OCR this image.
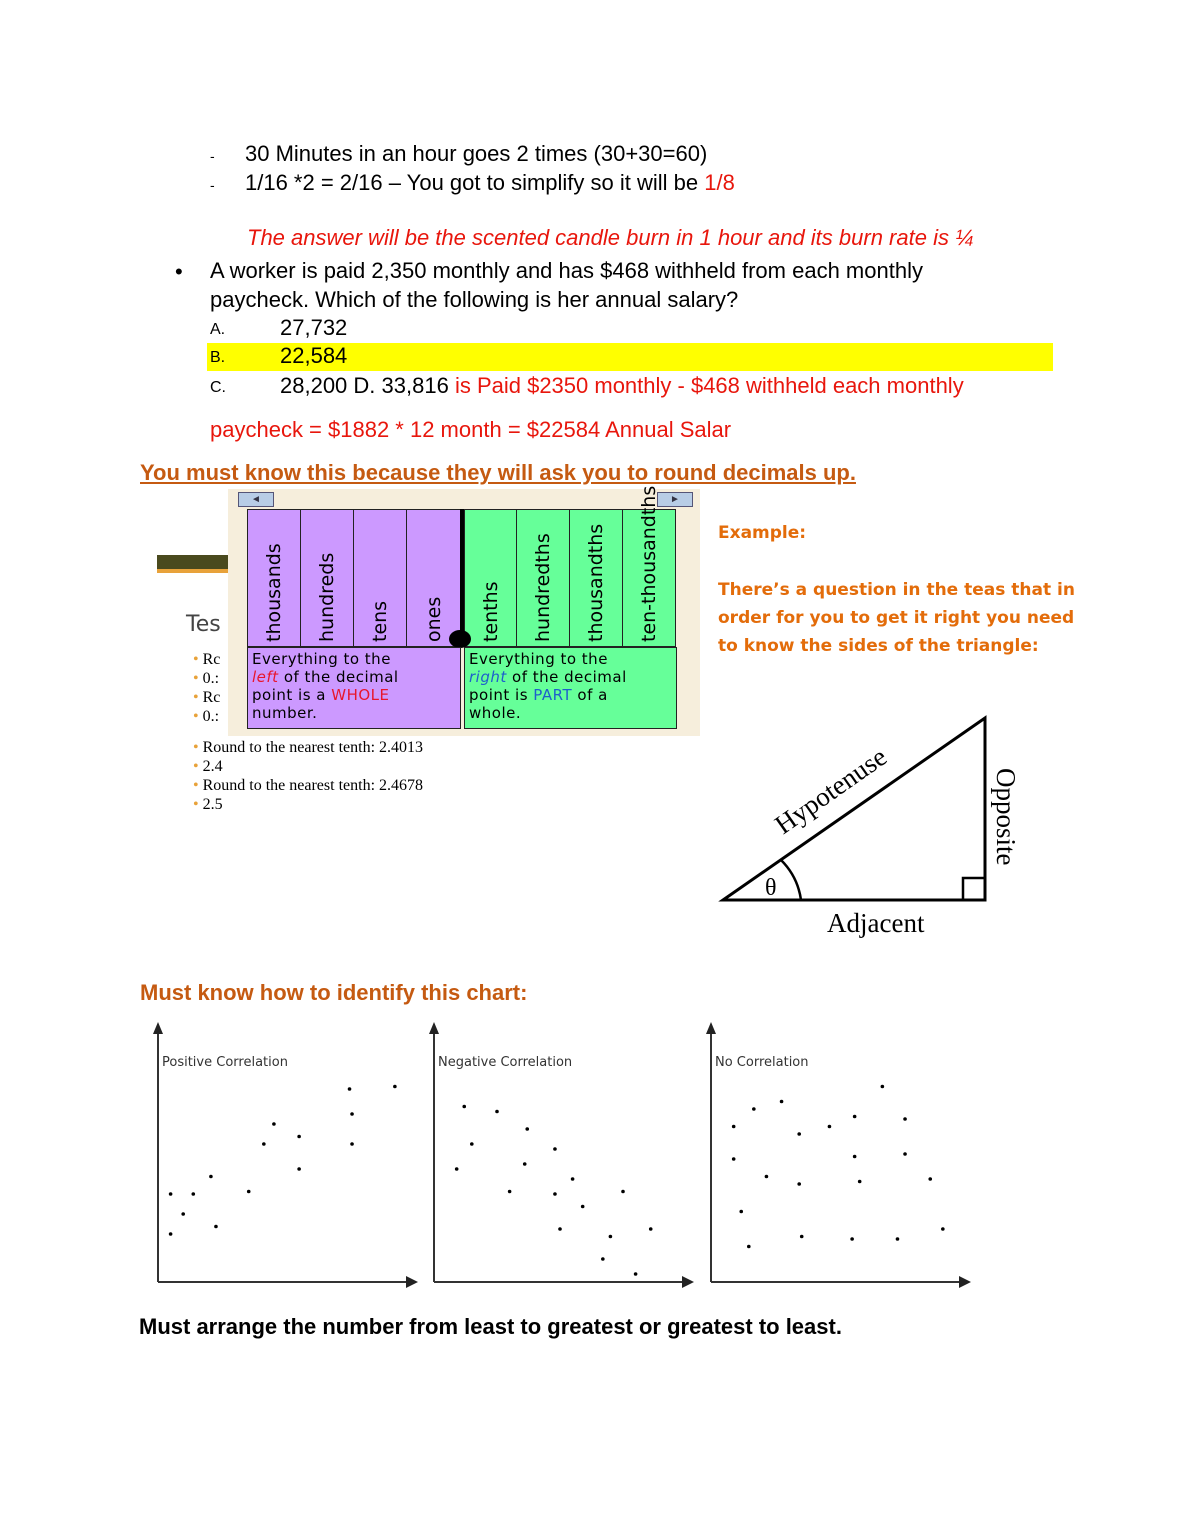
- 30 Minutes in an hour goes 2 times (30+30=60)
- 1/16 *2 = 2/16 – You got to simplify so it will be 1/8
The answer will be the scented candle burn in 1 hour and its burn rate is ¼
• A worker is paid 2,350 monthly and has $468 withheld from each monthly
paycheck. Which of the following is her annual salary?
A. 27,732
B. 22,584
C. 28,200 D. 33,816 is Paid $2350 monthly - $468 withheld each monthly
paycheck = $1882 * 12 month = $22584 Annual Salar
You must know this because they will ask you to round decimals up.
Tes
• Rc
• 0.:
• Rc
• 0.:
• Round to the nearest tenth: 2.4013
• 2.4
• Round to the nearest tenth: 2.4678
• 2.5
◄	►
thousands hundreds tens ones tenths hundredths thousandths ten-thousandths
Everything to the
left of the decimal
point is a WHOLE
number.
Everything to the
right of the decimal
point is PART of a
whole.
Example:
There’s a question in the teas that in
order for you to get it right you need
to know the sides of the triangle:
θ
Hypotenuse	Opposite
Adjacent
Must know how to identify this chart:
Positive Correlation	Negative Correlation	No Correlation
Must arrange the number from least to greatest or greatest to least.
